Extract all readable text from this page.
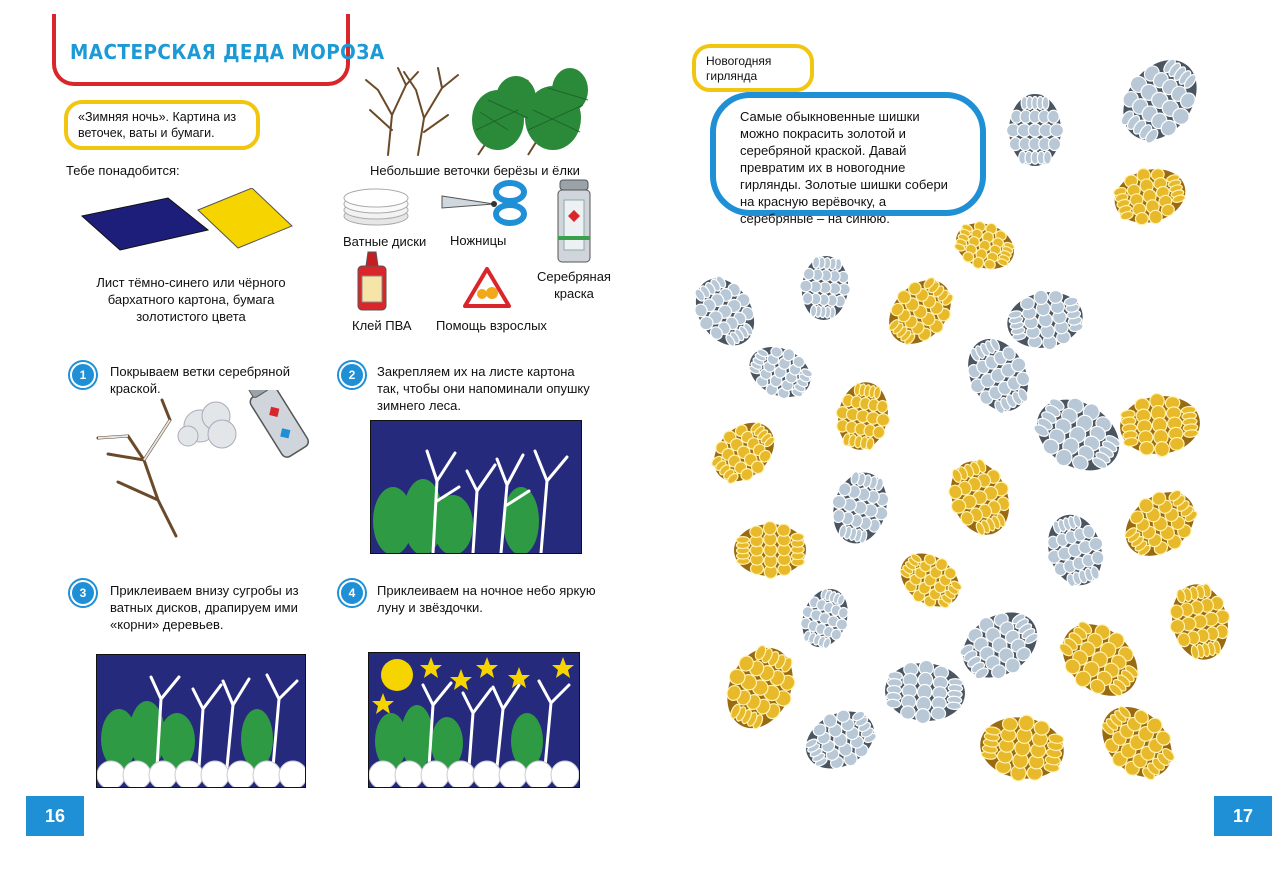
МАСТЕРСКАЯ ДЕДА МОРОЗА
«Зимняя ночь». Картина из веточек, ваты и бумаги.
Тебе понадобится:
Лист тёмно-синего или чёрного бархатного картона, бумага золотистого цвета
Небольшие веточки берёзы и ёлки
Ватные диски Ножницы
Серебряная краска
Клей ПВА Помощь взрослых
1	Покрываем ветки серебряной краской.
2	Закрепляем их на листе картона так, чтобы они напоминали опушку зимнего леса.
3	Приклеиваем внизу сугробы из ватных дисков, драпируем ими «корни» деревьев.
4	Приклеиваем на ночное небо яркую луну и звёздочки.
16
Новогодняя гирлянда
Самые обыкновенные шишки можно покрасить золотой и серебряной краской. Давай превратим их в новогодние гирлянды. Золотые шишки собери на красную верёвочку, а серебряные – на синюю.
17
